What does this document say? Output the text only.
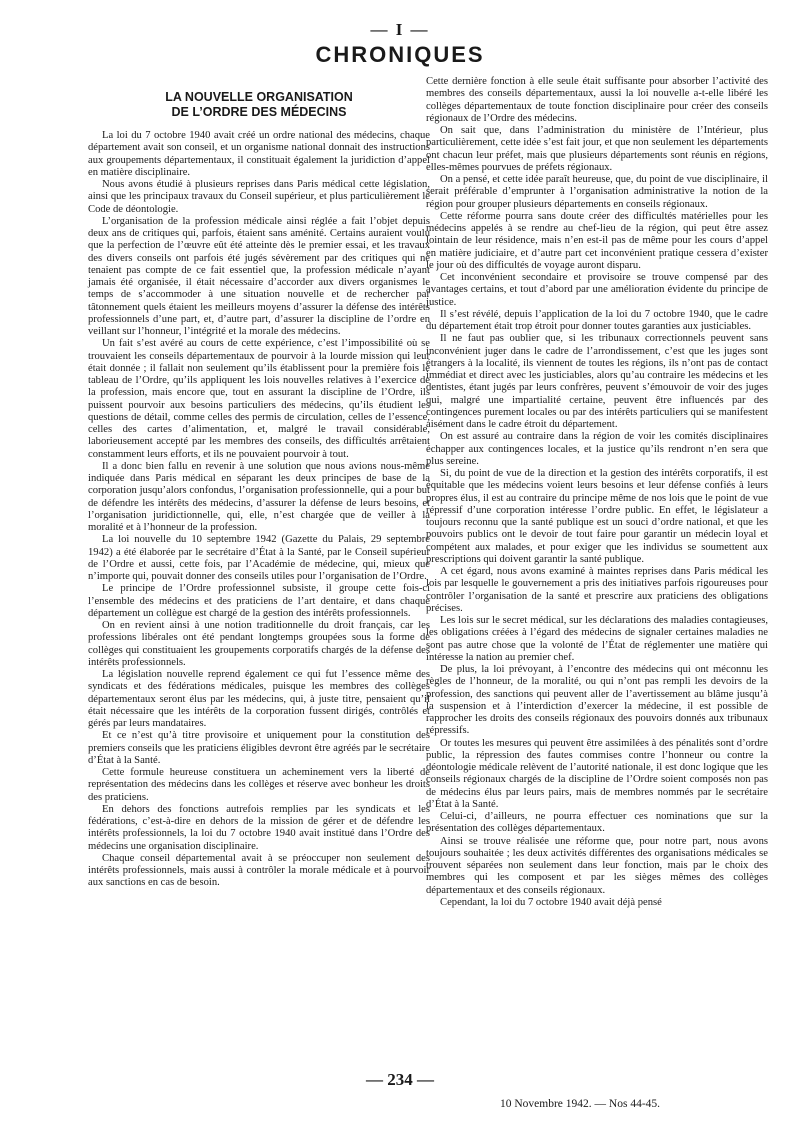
— I —
CHRONIQUES
LA NOUVELLE ORGANISATION
DE L’ORDRE DES MÉDECINS

La loi du 7 octobre 1940 avait créé un ordre national des médecins, chaque département avait son conseil, et un organisme national donnait des instructions aux groupements départementaux, il constituait également la juridiction d’appel en matière disciplinaire.

Nous avons étudié à plusieurs reprises dans Paris médical cette législation, ainsi que les principaux travaux du Conseil supérieur, et plus particulièrement le Code de déontologie.

L’organisation de la profession médicale ainsi réglée a fait l’objet depuis deux ans de critiques qui, parfois, étaient sans aménité. Certains auraient voulu que la perfection de l’œuvre eût été atteinte dès le premier essai, et les travaux des divers conseils ont parfois été jugés sévèrement par des critiques qui ne tenaient pas compte de ce fait essentiel que, la profession médicale n’ayant jamais été organisée, il était nécessaire d’accorder aux divers organismes le temps de s’accommoder à une situation nouvelle et de rechercher par tâtonnement quels étaient les meilleurs moyens d’assurer la défense des intérêts professionnels d’une part, et, d’autre part, d’assurer la discipline de l’ordre en veillant sur l’honneur, l’intégrité et la morale des médecins.

Un fait s’est avéré au cours de cette expérience, c’est l’impossibilité où se trouvaient les conseils départementaux de pourvoir à la lourde mission qui leur était donnée ; il fallait non seulement qu’ils établissent pour la première fois le tableau de l’Ordre, qu’ils appliquent les lois nouvelles relatives à l’exercice de la profession, mais encore que, tout en assurant la discipline de l’Ordre, ils puissent pourvoir aux besoins particuliers des médecins, qu’ils étudient les questions de détail, comme celles des permis de circulation, celles de l’essence, celles des cartes d’alimentation, et, malgré le travail considérable, laborieusement accepté par les membres des conseils, des difficultés arrêtaient constamment leurs efforts, et ils ne pouvaient pourvoir à tout.

Il a donc bien fallu en revenir à une solution que nous avions nous-même indiquée dans Paris médical en séparant les deux principes de base de la corporation jusqu’alors confondus, l’organisation professionnelle, qui a pour but de défendre les intérêts des médecins, d’assurer la défense de leurs besoins, et l’organisation juridictionnelle, qui, elle, n’est chargée que de veiller à la moralité et à l’honneur de la profession.

La loi nouvelle du 10 septembre 1942 (Gazette du Palais, 29 septembre 1942) a été élaborée par le secrétaire d’État à la Santé, par le Conseil supérieur de l’Ordre et aussi, cette fois, par l’Académie de médecine, qui, mieux que n’importe qui, pouvait donner des conseils utiles pour l’organisation de l’Ordre.

Le principe de l’Ordre professionnel subsiste, il groupe cette fois-ci l’ensemble des médecins et des praticiens de l’art dentaire, et dans chaque département un collègue est chargé de la gestion des intérêts professionnels.

On en revient ainsi à une notion traditionnelle du droit français, car les professions libérales ont été pendant longtemps groupées sous la forme de collèges qui constituaient les groupements corporatifs chargés de la défense des intérêts professionnels.

La législation nouvelle reprend également ce qui fut l’essence même des syndicats et des fédérations médicales, puisque les membres des collèges départementaux seront élus par les médecins, qui, à juste titre, pensaient qu’il était nécessaire que les intérêts de la corporation fussent dirigés, contrôlés et gérés par leurs mandataires.

Et ce n’est qu’à titre provisoire et uniquement pour la constitution des premiers conseils que les praticiens éligibles devront être agréés par le secrétaire d’État à la Santé.

Cette formule heureuse constituera un acheminement vers la liberté de représentation des médecins dans les collèges et réserve avec bonheur les droits des praticiens.

En dehors des fonctions autrefois remplies par les syndicats et les fédérations, c’est-à-dire en dehors de la mission de gérer et de défendre les intérêts professionnels, la loi du 7 octobre 1940 avait institué dans l’Ordre des médecins une organisation disciplinaire.

Chaque conseil départemental avait à se préoccuper non seulement des intérêts professionnels, mais aussi à contrôler la morale médicale et à pourvoir aux sanctions en cas de besoin.

Cette dernière fonction à elle seule était suffisante pour absorber l’activité des membres des conseils départementaux, aussi la loi nouvelle a-t-elle libéré les collèges départementaux de toute fonction disciplinaire pour créer des conseils régionaux de l’Ordre des médecins.

On sait que, dans l’administration du ministère de l’Intérieur, plus particulièrement, cette idée s’est fait jour, et que non seulement les départements ont chacun leur préfet, mais que plusieurs départements sont réunis en régions, elles-mêmes pourvues de préfets régionaux.

On a pensé, et cette idée paraît heureuse, que, du point de vue disciplinaire, il serait préférable d’emprunter à l’organisation administrative la notion de la région pour grouper plusieurs départements en conseils régionaux.

Cette réforme pourra sans doute créer des difficultés matérielles pour les médecins appelés à se rendre au chef-lieu de la région, qui peut être assez lointain de leur résidence, mais n’en est-il pas de même pour les cours d’appel en matière judiciaire, et d’autre part cet inconvénient pratique cessera d’exister le jour où des difficultés de voyage auront disparu.

Cet inconvénient secondaire et provisoire se trouve compensé par des avantages certains, et tout d’abord par une amélioration évidente du principe de justice.

Il s’est révélé, depuis l’application de la loi du 7 octobre 1940, que le cadre du département était trop étroit pour donner toutes garanties aux justiciables.

Il ne faut pas oublier que, si les tribunaux correctionnels peuvent sans inconvénient juger dans le cadre de l’arrondissement, c’est que les juges sont étrangers à la localité, ils viennent de toutes les régions, ils n’ont pas de contact immédiat et direct avec les justiciables, alors qu’au contraire les médecins et les dentistes, étant jugés par leurs confrères, peuvent s’émouvoir de voir des juges qui, malgré une impartialité certaine, peuvent être influencés par des contingences purement locales ou par des intérêts particuliers qui se manifestent aisément dans le cadre étroit du département.

On est assuré au contraire dans la région de voir les comités disciplinaires échapper aux contingences locales, et la justice qu’ils rendront n’en sera que plus sereine.

Si, du point de vue de la direction et la gestion des intérêts corporatifs, il est équitable que les médecins voient leurs besoins et leur défense confiés à leurs propres élus, il est au contraire du principe même de nos lois que le point de vue répressif d’une corporation intéresse l’ordre public. En effet, le législateur a toujours reconnu que la santé publique est un souci d’ordre national, et que les pouvoirs publics ont le devoir de tout faire pour garantir un médecin loyal et compétent aux malades, et pour exiger que les individus se soumettent aux prescriptions qui doivent garantir la santé publique.

A cet égard, nous avons examiné à maintes reprises dans Paris médical les lois par lesquelle le gouvernement a pris des initiatives parfois rigoureuses pour contrôler l’organisation de la santé et prescrire aux praticiens des obligations précises.

Les lois sur le secret médical, sur les déclarations des maladies contagieuses, les obligations créées à l’égard des médecins de signaler certaines maladies ne sont pas autre chose que la volonté de l’État de réglementer une matière qui intéresse la nation au premier chef.

De plus, la loi prévoyant, à l’encontre des médecins qui ont méconnu les règles de l’honneur, de la moralité, ou qui n’ont pas rempli les devoirs de la profession, des sanctions qui peuvent aller de l’avertissement au blâme jusqu’à la suspension et à l’interdiction d’exercer la médecine, il est possible de rapprocher les droits des conseils régionaux des pouvoirs donnés aux tribunaux répressifs.

Or toutes les mesures qui peuvent être assimilées à des pénalités sont d’ordre public, la répression des fautes commises contre l’honneur ou contre la déontologie médicale relèvent de l’autorité nationale, il est donc logique que les conseils régionaux chargés de la discipline de l’Ordre soient composés non pas de médecins élus par leurs pairs, mais de membres nommés par le secrétaire d’État à la Santé.

Celui-ci, d’ailleurs, ne pourra effectuer ces nominations que sur la présentation des collèges départementaux.

Ainsi se trouve réalisée une réforme que, pour notre part, nous avons toujours souhaitée ; les deux activités différentes des organisations médicales se trouvent séparées non seulement dans leur fonction, mais par le choix des membres qui les composent et par les sièges mêmes des collèges départementaux et des conseils régionaux.

Cependant, la loi du 7 octobre 1940 avait déjà pensé

— 234 —
10 Novembre 1942. — Nos 44-45.
